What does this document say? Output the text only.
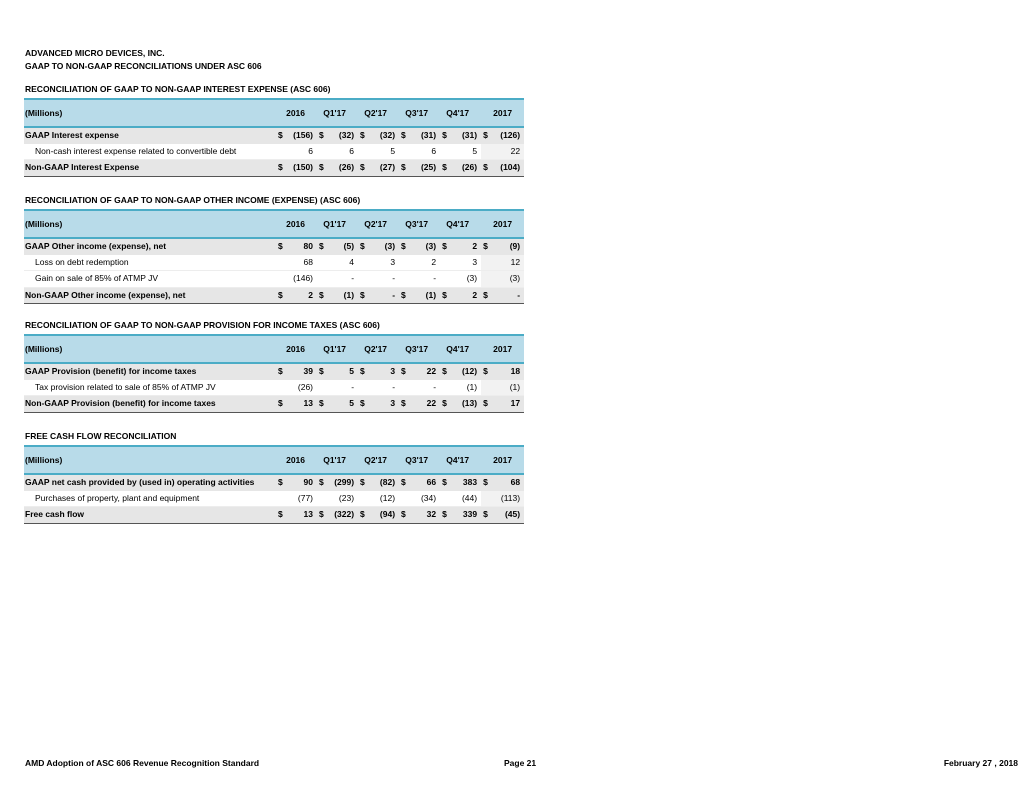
ADVANCED MICRO DEVICES, INC.
GAAP TO NON-GAAP RECONCILIATIONS UNDER ASC 606
RECONCILIATION OF GAAP TO NON-GAAP INTEREST EXPENSE (ASC 606)
(Millions)	2016		Q1'17		Q2'17		Q3'17		Q4'17		2017	
GAAP Interest expense	$	(156)	$	(32)	$	(32)	$	(31)	$	(31)	$	(126)
Non-cash interest expense related to convertible debt		6		6		5		6		5		22
Non-GAAP Interest Expense	$	(150)	$	(26)	$	(27)	$	(25)	$	(26)	$	(104)
RECONCILIATION OF GAAP TO NON-GAAP OTHER INCOME (EXPENSE) (ASC 606)
(Millions)	2016		Q1'17		Q2'17		Q3'17		Q4'17		2017	
GAAP Other income (expense), net	$	80	$	(5)	$	(3)	$	(3)	$	2	$	(9)
Loss on debt redemption		68		4		3		2		3		12
Gain on sale of 85% of ATMP JV		(146)		-		-		-		(3)		(3)
Non-GAAP Other income (expense), net	$	2	$	(1)	$	-	$	(1)	$	2	$	-
RECONCILIATION OF GAAP TO NON-GAAP PROVISION FOR INCOME TAXES (ASC 606)
(Millions)	2016		Q1'17		Q2'17		Q3'17		Q4'17		2017	
GAAP Provision (benefit) for income taxes	$	39	$	5	$	3	$	22	$	(12)	$	18
Tax provision related to sale of 85% of ATMP JV		(26)		-		-		-		(1)		(1)
Non-GAAP Provision (benefit) for income taxes	$	13	$	5	$	3	$	22	$	(13)	$	17
FREE CASH FLOW RECONCILIATION
(Millions)	2016		Q1'17		Q2'17		Q3'17		Q4'17		2017	
GAAP net cash provided by (used in) operating activities	$	90	$	(299)	$	(82)	$	66	$	383	$	68
Purchases of property, plant and equipment		(77)		(23)		(12)		(34)		(44)		(113)
Free cash flow	$	13	$	(322)	$	(94)	$	32	$	339	$	(45)
AMD Adoption of ASC 606 Revenue Recognition Standard	Page 21	February 27 , 2018
